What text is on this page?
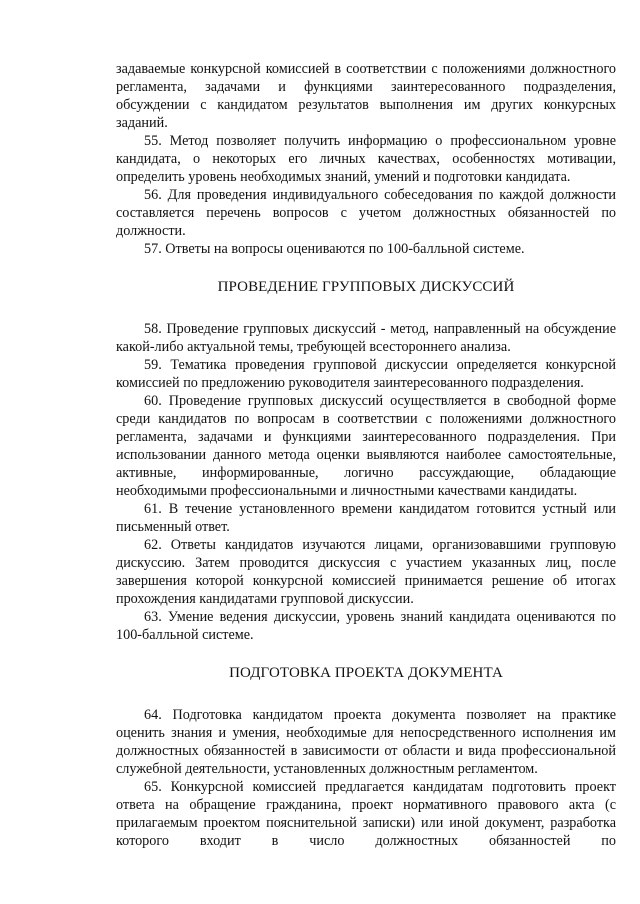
задаваемые конкурсной комиссией в соответствии с положениями должностного регламента, задачами и функциями заинтересованного подразделения, обсуждении с кандидатом результатов выполнения им других конкурсных заданий.

55. Метод позволяет получить информацию о профессиональном уровне кандидата, о некоторых его личных качествах, особенностях мотивации, определить уровень необходимых знаний, умений и подготовки кандидата.

56. Для проведения индивидуального собеседования по каждой должности составляется перечень вопросов с учетом должностных обязанностей по должности.

57. Ответы на вопросы оцениваются по 100-балльной системе.

ПРОВЕДЕНИЕ ГРУППОВЫХ ДИСКУССИЙ

58. Проведение групповых дискуссий - метод, направленный на обсуждение какой-либо актуальной темы, требующей всестороннего анализа.

59. Тематика проведения групповой дискуссии определяется конкурсной комиссией по предложению руководителя заинтересованного подразделения.

60. Проведение групповых дискуссий осуществляется в свободной форме среди кандидатов по вопросам в соответствии с положениями должностного регламента, задачами и функциями заинтересованного подразделения. При использовании данного метода оценки выявляются наиболее самостоятельные, активные, информированные, логично рассуждающие, обладающие необходимыми профессиональными и личностными качествами кандидаты.

61. В течение установленного времени кандидатом готовится устный или письменный ответ.

62. Ответы кандидатов изучаются лицами, организовавшими групповую дискуссию. Затем проводится дискуссия с участием указанных лиц, после завершения которой конкурсной комиссией принимается решение об итогах прохождения кандидатами групповой дискуссии.

63. Умение ведения дискуссии, уровень знаний кандидата оцениваются по 100-балльной системе.

ПОДГОТОВКА ПРОЕКТА ДОКУМЕНТА

64. Подготовка кандидатом проекта документа позволяет на практике оценить знания и умения, необходимые для непосредственного исполнения им должностных обязанностей в зависимости от области и вида профессиональной служебной деятельности, установленных должностным регламентом.

65. Конкурсной комиссией предлагается кандидатам подготовить проект ответа на обращение гражданина, проект нормативного правового акта (с прилагаемым проектом пояснительной записки) или иной документ, разработка которого входит в число должностных обязанностей по
